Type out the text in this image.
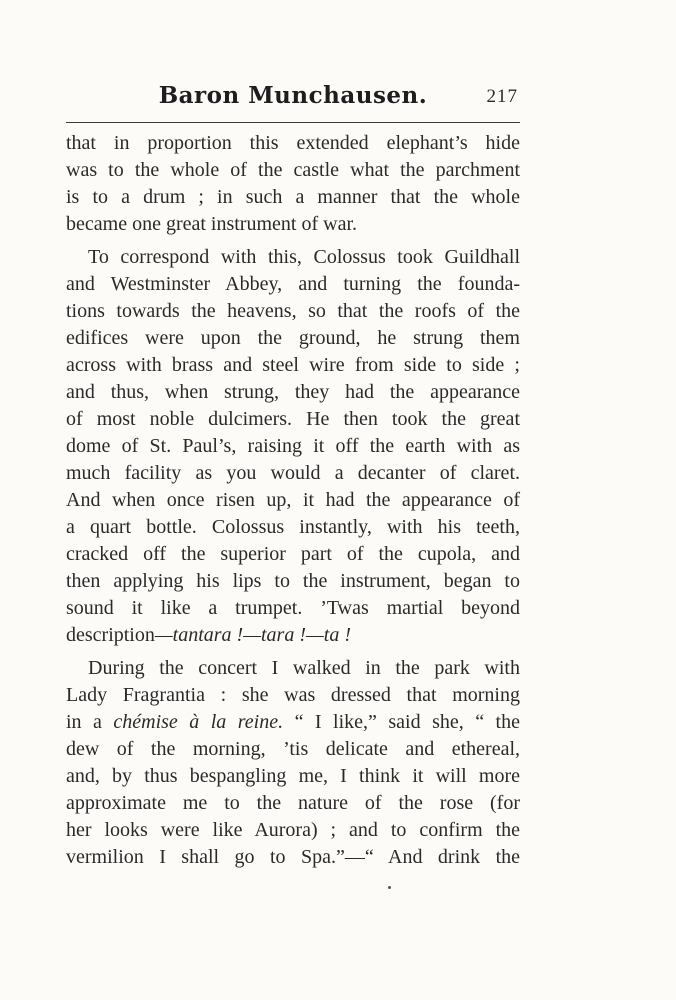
Baron Munchausen.	217
that in proportion this extended elephant’s hide
was to the whole of the castle what the parchment
is to a drum ; in such a manner that the whole
became one great instrument of war.
To correspond with this, Colossus took Guildhall
and Westminster Abbey, and turning the founda-
tions towards the heavens, so that the roofs of the
edifices were upon the ground, he strung them
across with brass and steel wire from side to side ;
and thus, when strung, they had the appearance
of most noble dulcimers. He then took the great
dome of St. Paul’s, raising it off the earth with as
much facility as you would a decanter of claret.
And when once risen up, it had the appearance of
a quart bottle. Colossus instantly, with his teeth,
cracked off the superior part of the cupola, and
then applying his lips to the instrument, began to
sound it like a trumpet. ’Twas martial beyond
description—tantara !—tara !—ta !
During the concert I walked in the park with
Lady Fragrantia : she was dressed that morning
in a chémise à la reine. “ I like,” said she, “ the
dew of the morning, ’tis delicate and ethereal,
and, by thus bespangling me, I think it will more
approximate me to the nature of the rose (for
her looks were like Aurora) ; and to confirm the
vermilion I shall go to Spa.”—“ And drink the
